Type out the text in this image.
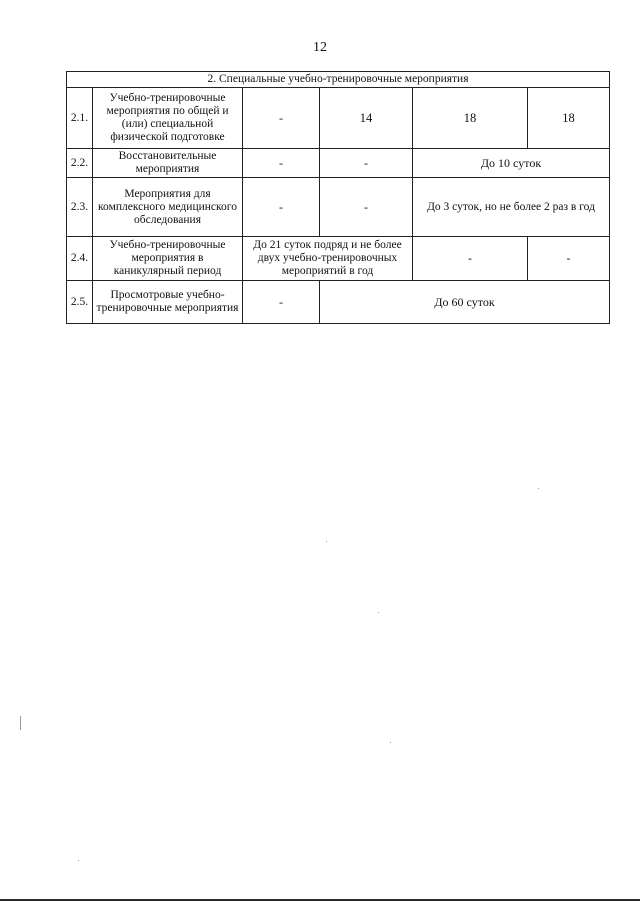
12
2. Специальные учебно-тренировочные мероприятия					
2.1.	Учебно-тренировочные мероприятия по общей и (или) специальной физической подготовке	-	14	18	18
2.2.	Восстановительные мероприятия	-	-	До 10 суток	
2.3.	Мероприятия для комплексного медицинского обследования	-	-	До 3 суток, но не более 2 раз в год	
2.4.	Учебно-тренировочные мероприятия в каникулярный период	До 21 суток подряд и не более двух учебно-тренировочных мероприятий в год		-	-
2.5.	Просмотровые учебно-тренировочные мероприятия	-	До 60 суток		
